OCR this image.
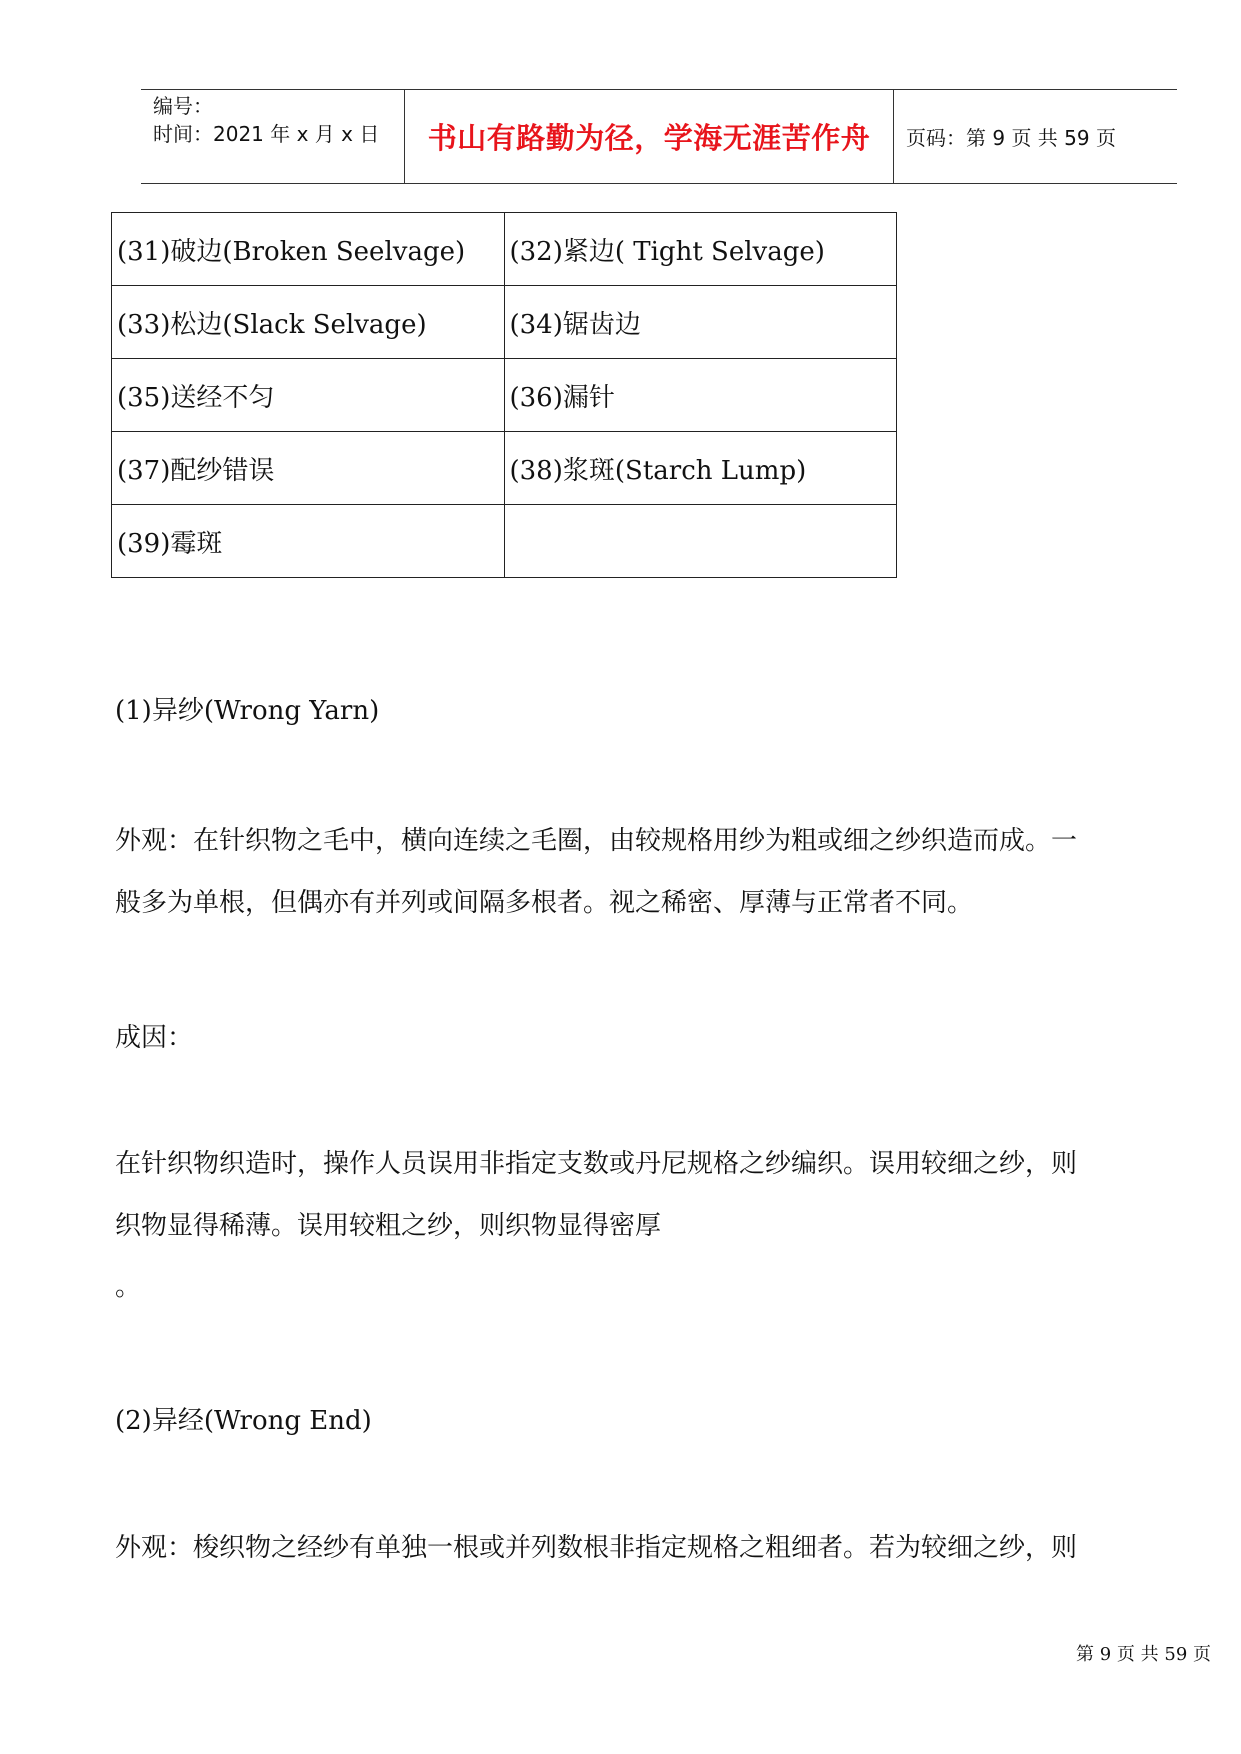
编号：
时间：2021 年 x 月 x 日	书山有路勤为径，学海无涯苦作舟 页码：第 9 页 共 59 页
(31)破边(Broken Seelvage)	(32)紧边( Tight Selvage)
(33)松边(Slack Selvage)	(34)锯齿边
(35)送经不匀	(36)漏针
(37)配纱错误	(38)浆斑(Starch Lump)
(39)霉斑	

(1)异纱(Wrong Yarn)

外观：在针织物之毛中，横向连续之毛圈，由较规格用纱为粗或细之纱织造而成。一

般多为单根，但偶亦有并列或间隔多根者。视之稀密、厚薄与正常者不同。

成因：

在针织物织造时，操作人员误用非指定支数或丹尼规格之纱编织。误用较细之纱，则

织物显得稀薄。误用较粗之纱，则织物显得密厚

。

(2)异经(Wrong End)

外观：梭织物之经纱有单独一根或并列数根非指定规格之粗细者。若为较细之纱，则

第 9 页 共 59 页
